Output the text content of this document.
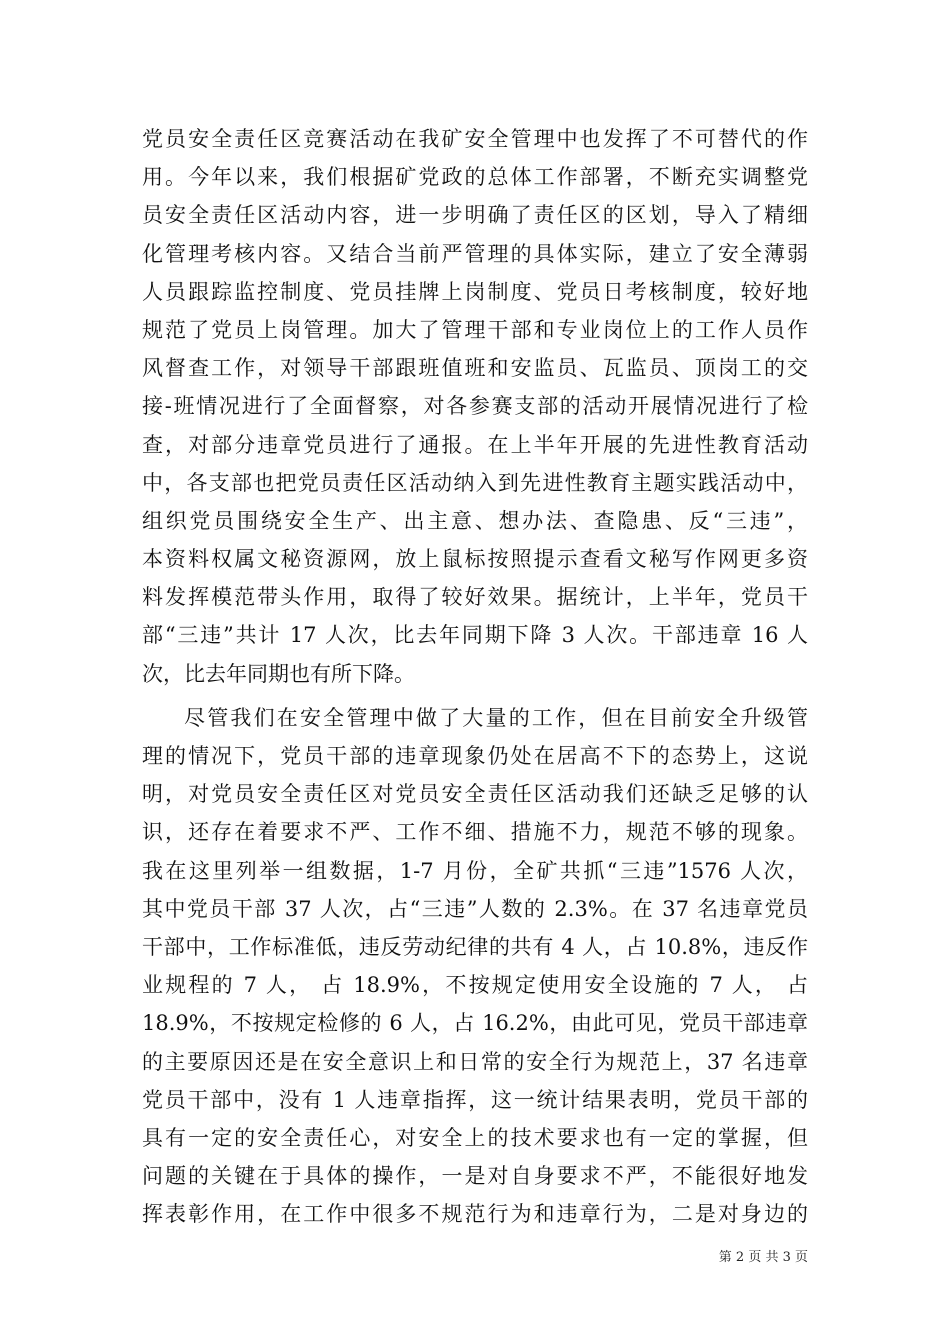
党员安全责任区竞赛活动在我矿安全管理中也发挥了不可替代的作
用。今年以来，我们根据矿党政的总体工作部署，不断充实调整党
员安全责任区活动内容，进一步明确了责任区的区划，导入了精细
化管理考核内容。又结合当前严管理的具体实际，建立了安全薄弱
人员跟踪监控制度、党员挂牌上岗制度、党员日考核制度，较好地
规范了党员上岗管理。加大了管理干部和专业岗位上的工作人员作
风督查工作，对领导干部跟班值班和安监员、瓦监员、顶岗工的交
接-班情况进行了全面督察，对各参赛支部的活动开展情况进行了检
查，对部分违章党员进行了通报。在上半年开展的先进性教育活动
中，各支部也把党员责任区活动纳入到先进性教育主题实践活动中，
组织党员围绕安全生产、出主意、想办法、查隐患、反“三违”，
本资料权属文秘资源网，放上鼠标按照提示查看文秘写作网更多资
料发挥模范带头作用，取得了较好效果。据统计，上半年，党员干
部“三违”共计 17 人次，比去年同期下降 3 人次。干部违章 16 人
次，比去年同期也有所下降。
尽管我们在安全管理中做了大量的工作，但在目前安全升级管
理的情况下，党员干部的违章现象仍处在居高不下的态势上，这说
明，对党员安全责任区对党员安全责任区活动我们还缺乏足够的认
识，还存在着要求不严、工作不细、措施不力，规范不够的现象。
我在这里列举一组数据，1-7 月份，全矿共抓“三违”1576 人次，
其中党员干部 37 人次，占“三违”人数的 2.3%。在 37 名违章党员
干部中，工作标准低，违反劳动纪律的共有 4 人，占 10.8%，违反作
业规程的 7 人， 占 18.9%，不按规定使用安全设施的 7 人， 占
18.9%，不按规定检修的 6 人，占 16.2%，由此可见，党员干部违章
的主要原因还是在安全意识上和日常的安全行为规范上，37 名违章
党员干部中，没有 1 人违章指挥，这一统计结果表明，党员干部的
具有一定的安全责任心，对安全上的技术要求也有一定的掌握，但
问题的关键在于具体的操作，一是对自身要求不严，不能很好地发
挥表彰作用，在工作中很多不规范行为和违章行为，二是对身边的
第 2 页 共 3 页
